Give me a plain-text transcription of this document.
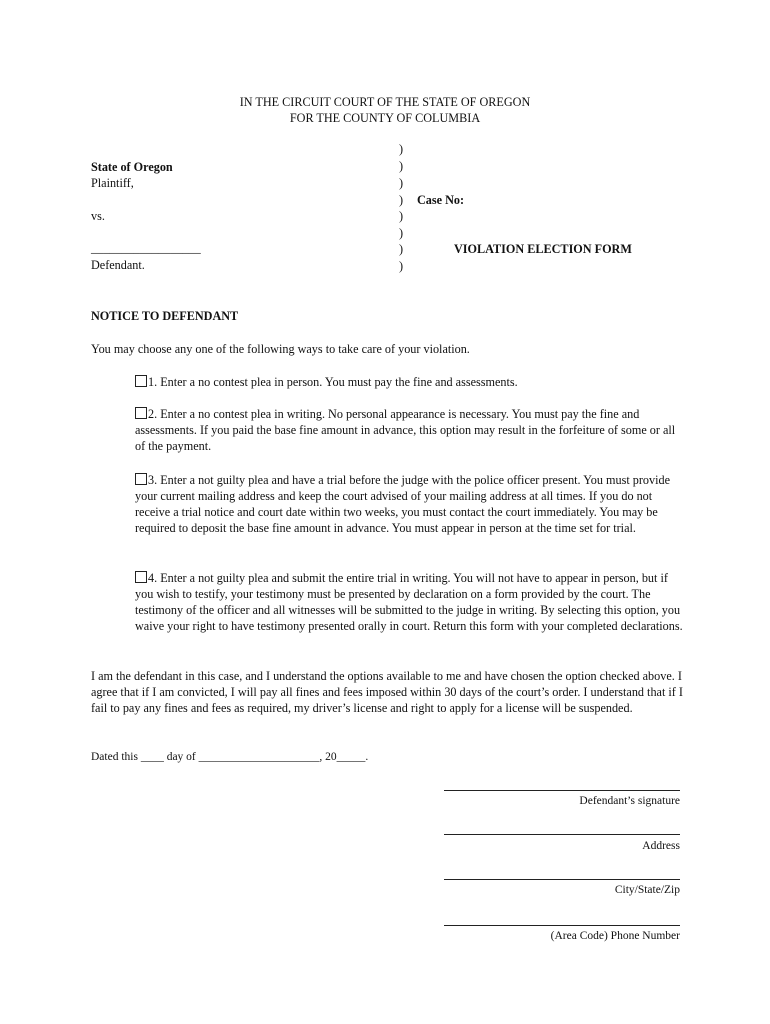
IN THE CIRCUIT COURT OF THE STATE OF OREGON
FOR THE COUNTY OF COLUMBIA
State of Oregon
Plaintiff,
vs.
__________________
Defendant.
)
)
)
)
)
)
)
)
Case No:
VIOLATION ELECTION FORM
NOTICE TO DEFENDANT
You may choose any one of the following ways to take care of your violation.
1. Enter a no contest plea in person. You must pay the fine and assessments.
2. Enter a no contest plea in writing. No personal appearance is necessary. You must pay the fine and assessments. If you paid the base fine amount in advance, this option may result in the forfeiture of some or all of the payment.
3. Enter a not guilty plea and have a trial before the judge with the police officer present. You must provide your current mailing address and keep the court advised of your mailing address at all times. If you do not receive a trial notice and court date within two weeks, you must contact the court immediately. You may be required to deposit the base fine amount in advance. You must appear in person at the time set for trial.
4. Enter a not guilty plea and submit the entire trial in writing. You will not have to appear in person, but if you wish to testify, your testimony must be presented by declaration on a form provided by the court. The testimony of the officer and all witnesses will be submitted to the judge in writing. By selecting this option, you waive your right to have testimony presented orally in court. Return this form with your completed declarations.
I am the defendant in this case, and I understand the options available to me and have chosen the option checked above. I agree that if I am convicted, I will pay all fines and fees imposed within 30 days of the court’s order. I understand that if I fail to pay any fines and fees as required, my driver’s license and right to apply for a license will be suspended.
Dated this ____ day of _____________________, 20_____.
Defendant’s signature
Address
City/State/Zip
(Area Code) Phone Number
